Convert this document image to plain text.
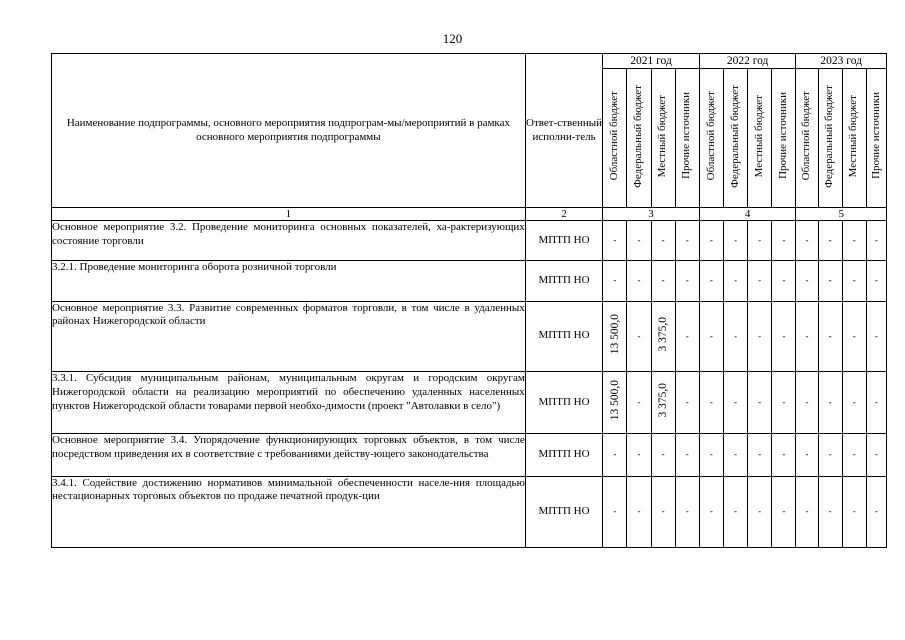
120
Наименование подпрограммы, основного мероприятия подпрограм-мы/мероприятий в рамках основного мероприятия подпрограммы	Ответ-ственный исполни-тель	2021 год				2022 год				2023 год			
		Областной бюджет	Федеральный бюджет	Местный бюджет	Прочие источники	Областной бюджет	Федеральный бюджет	Местный бюджет	Прочие источники	Областной бюджет	Федеральный бюджет	Местный бюджет	Прочие источники
1	2	3				4				5			
Основное мероприятие 3.2. Проведение мониторинга основных показателей, ха-рактеризующих состояние торговли	МПТП НО	-	-	-	-	-	-	-	-	-	-	-	-
3.2.1. Проведение мониторинга оборота розничной торговли	МПТП НО	-	-	-	-	-	-	-	-	-	-	-	-
Основное мероприятие 3.3. Развитие современных форматов торговли, в том числе в удаленных районах Нижегородской области	МПТП НО	13 500,0	-	3 375,0	-	-	-	-	-	-	-	-	-
3.3.1. Субсидия муниципальным районам, муниципальным округам и городским округам Нижегородской области на реализацию мероприятий по обеспечению удаленных населенных пунктов Нижегородской области товарами первой необхо-димости (проект "Автолавки в село")	МПТП НО	13 500,0	-	3 375,0	-	-	-	-	-	-	-	-	-
Основное мероприятие 3.4. Упорядочение функционирующих торговых объектов, в том числе посредством приведения их в соответствие с требованиями действу-ющего законодательства	МПТП НО	-	-	-	-	-	-	-	-	-	-	-	-
3.4.1. Содействие достижению нормативов минимальной обеспеченности населе-ния площадью нестационарных торговых объектов по продаже печатной продук-ции	МПТП НО	-	-	-	-	-	-	-	-	-	-	-	-
